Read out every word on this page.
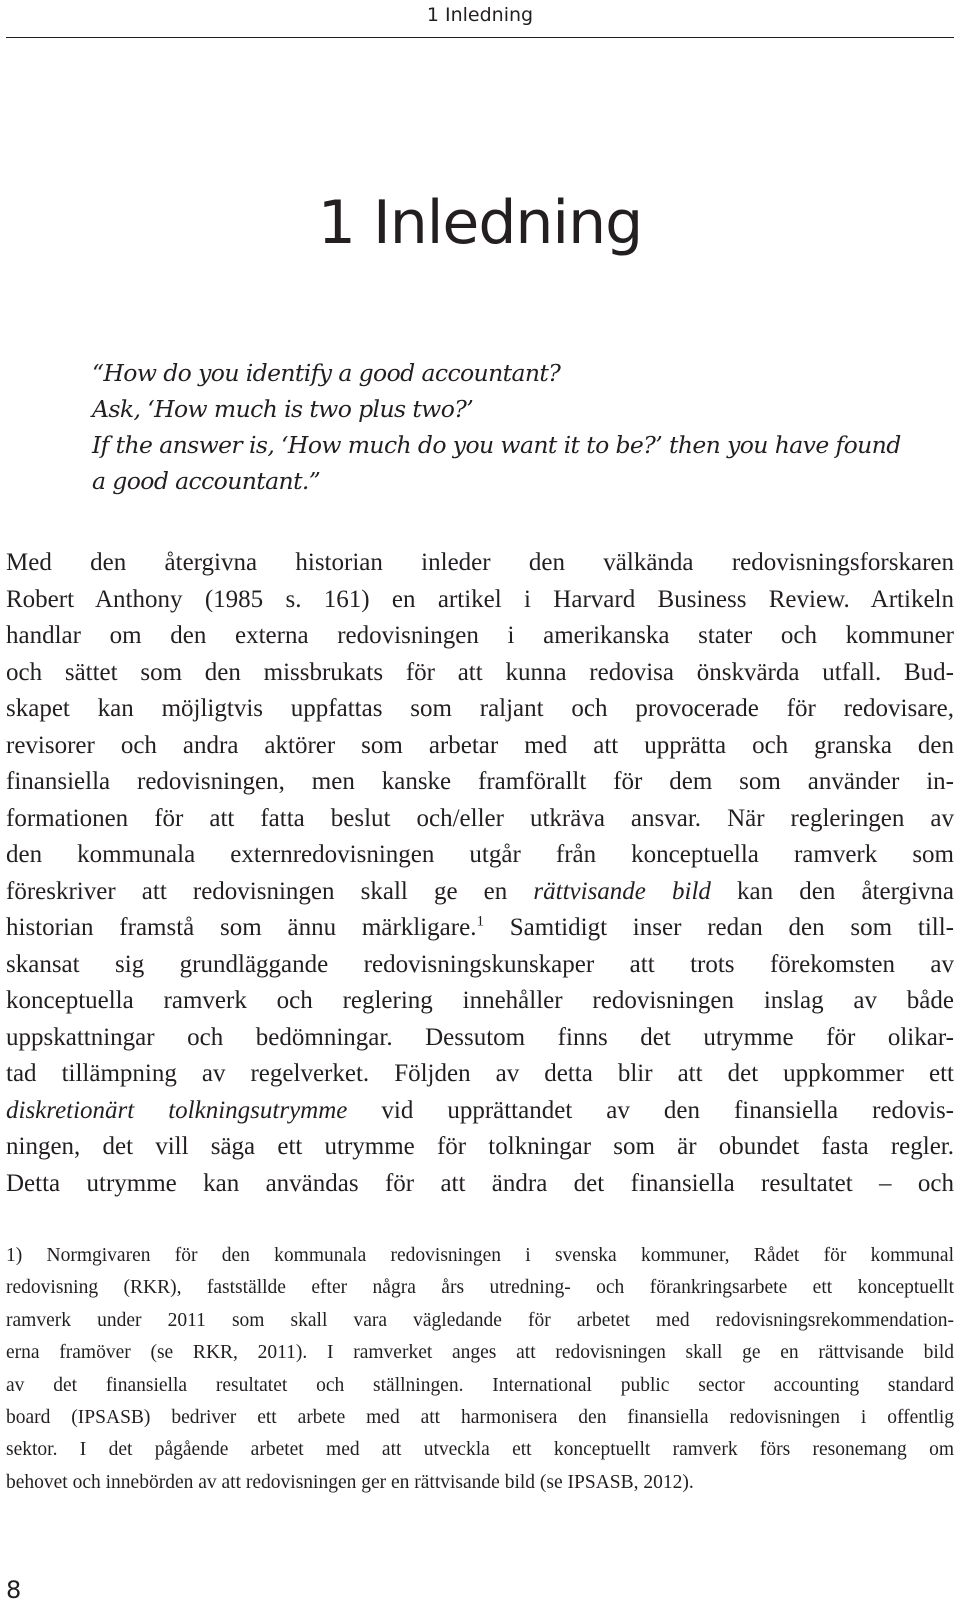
1 Inledning
1 Inledning
“How do you identify a good accountant?
Ask, ‘How much is two plus two?’
If the answer is, ‘How much do you want it to be?’ then you have found
a good accountant.”
Med den återgivna historian inleder den välkända redovisningsforskaren
Robert Anthony (1985 s. 161) en artikel i Harvard Business Review. Artikeln
handlar om den externa redovisningen i amerikanska stater och kommuner
och sättet som den missbrukats för att kunna redovisa önskvärda utfall. Bud-
skapet kan möjligtvis uppfattas som raljant och provocerade för redovisare,
revisorer och andra aktörer som arbetar med att upprätta och granska den
finansiella redovisningen, men kanske framförallt för dem som använder in-
formationen för att fatta beslut och/eller utkräva ansvar. När regleringen av
den kommunala externredovisningen utgår från konceptuella ramverk som
föreskriver att redovisningen skall ge en rättvisande bild kan den återgivna
historian framstå som ännu märkligare.$^1$ Samtidigt inser redan den som till-
skansat sig grundläggande redovisningskunskaper att trots förekomsten av
konceptuella ramverk och reglering innehåller redovisningen inslag av både
uppskattningar och bedömningar. Dessutom finns det utrymme för olikar-
tad tillämpning av regelverket. Följden av detta blir att det uppkommer ett
diskretionärt tolkningsutrymme vid upprättandet av den finansiella redovis-
ningen, det vill säga ett utrymme för tolkningar som är obundet fasta regler.
Detta utrymme kan användas för att ändra det finansiella resultatet – och
1) Normgivaren för den kommunala redovisningen i svenska kommuner, Rådet för kommunal
redovisning (RKR), fastställde efter några års utredning- och förankringsarbete ett konceptuellt
ramverk under 2011 som skall vara vägledande för arbetet med redovisningsrekommendation-
erna framöver (se RKR, 2011). I ramverket anges att redovisningen skall ge en rättvisande bild
av det finansiella resultatet och ställningen. International public sector accounting standard
board (IPSASB) bedriver ett arbete med att harmonisera den finansiella redovisningen i offentlig
sektor. I det pågående arbetet med att utveckla ett konceptuellt ramverk förs resonemang om
behovet och innebörden av att redovisningen ger en rättvisande bild (se IPSASB, 2012).
8
